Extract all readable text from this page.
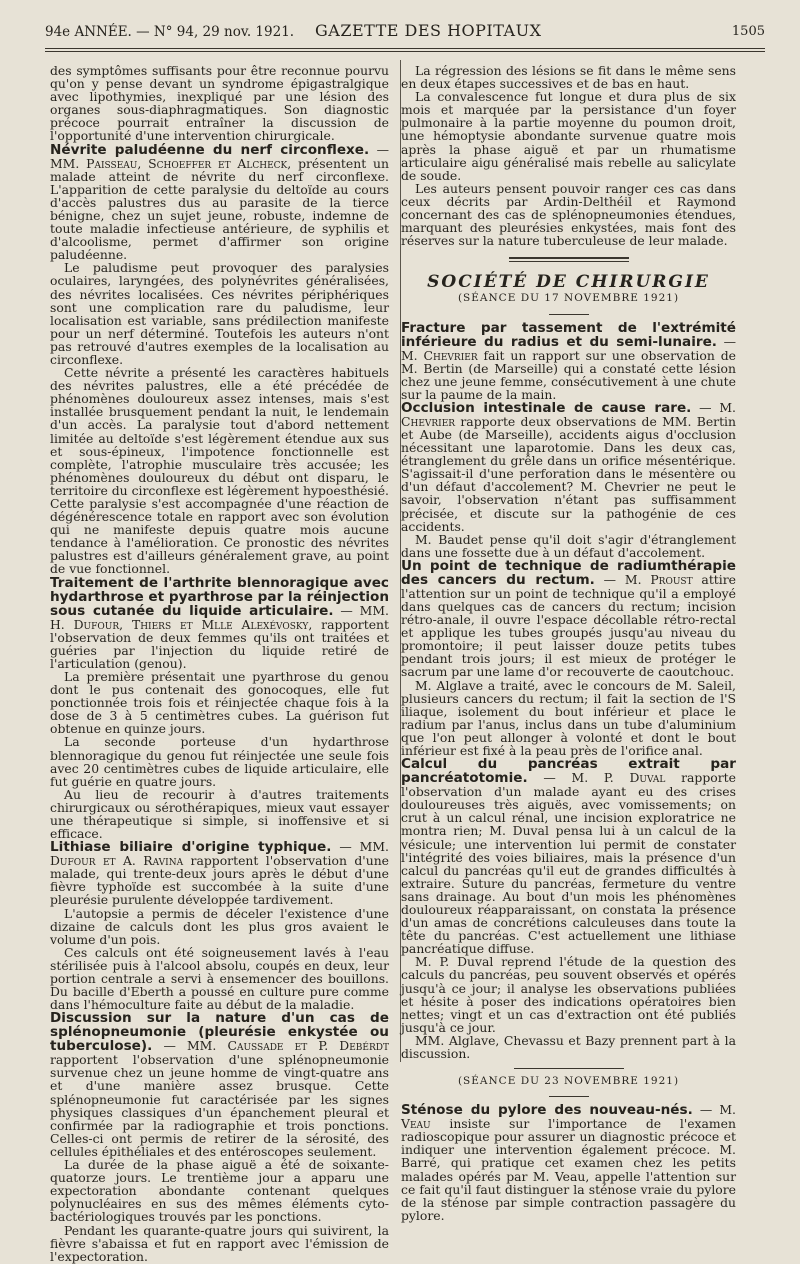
94e ANNÉE. — N° 94, 29 nov. 1921. GAZETTE DES HOPITAUX	1505

des symptômes suffisants pour être reconnue pourvu qu'on y pense devant un syndrome épigastralgique avec lipothymies, inexpliqué par une lésion des organes sous-diaphragmatiques. Son diagnostic précoce pourrait entraîner la discussion de l'opportunité d'une intervention chirurgicale.

Névrite paludéenne du nerf circonflexe. — MM. Paisseau, Schoeffer et Alcheck, présentent un malade atteint de névrite du nerf circonflexe. L'apparition de cette paralysie du deltoïde au cours d'accès palustres dus au parasite de la tierce bénigne, chez un sujet jeune, robuste, indemne de toute maladie infectieuse antérieure, de syphilis et d'alcoolisme, permet d'affirmer son origine paludéenne.

Le paludisme peut provoquer des paralysies oculaires, laryngées, des polynévrites généralisées, des névrites localisées. Ces névrites périphériques sont une complication rare du paludisme, leur localisation est variable, sans prédilection manifeste pour un nerf déterminé. Toutefois les auteurs n'ont pas retrouvé d'autres exemples de la localisation au circonflexe.

Cette névrite a présenté les caractères habituels des névrites palustres, elle a été précédée de phénomènes douloureux assez intenses, mais s'est installée brusquement pendant la nuit, le lendemain d'un accès. La paralysie tout d'abord nettement limitée au deltoïde s'est légèrement étendue aux sus et sous-épineux, l'impotence fonctionnelle est complète, l'atrophie musculaire très accusée; les phénomènes douloureux du début ont disparu, le territoire du circonflexe est légèrement hypoesthésié. Cette paralysie s'est accompagnée d'une réaction de dégénérescence totale en rapport avec son évolution qui ne manifeste depuis quatre mois aucune tendance à l'amélioration. Ce pronostic des névrites palustres est d'ailleurs généralement grave, au point de vue fonctionnel.

Traitement de l'arthrite blennoragique avec hydarthrose et pyarthrose par la réinjection sous cutanée du liquide articulaire. — MM. H. Dufour, Thiers et Mlle Alexévosky, rapportent l'observation de deux femmes qu'ils ont traitées et guéries par l'injection du liquide retiré de l'articulation (genou).

La première présentait une pyarthrose du genou dont le pus contenait des gonocoques, elle fut ponctionnée trois fois et réinjectée chaque fois à la dose de 3 à 5 centimètres cubes. La guérison fut obtenue en quinze jours.

La seconde porteuse d'un hydarthrose blennoragique du genou fut réinjectée une seule fois avec 20 centimètres cubes de liquide articulaire, elle fut guérie en quatre jours.

Au lieu de recourir à d'autres traitements chirurgicaux ou sérothérapiques, mieux vaut essayer une thérapeutique si simple, si inoffensive et si efficace.

Lithiase biliaire d'origine typhique. — MM. Dufour et A. Ravina rapportent l'observation d'une malade, qui trente-deux jours après le début d'une fièvre typhoïde est succombée à la suite d'une pleurésie purulente développée tardivement.

L'autopsie a permis de déceler l'existence d'une dizaine de calculs dont les plus gros avaient le volume d'un pois.

Ces calculs ont été soigneusement lavés à l'eau stérilisée puis à l'alcool absolu, coupés en deux, leur portion centrale a servi à ensemencer des bouillons. Du bacille d'Eberth a poussé en culture pure comme dans l'hémoculture faite au début de la maladie.

Discussion sur la nature d'un cas de splénopneumonie (pleurésie enkystée ou tuberculose). — MM. Caussade et P. Debérdt rapportent l'observation d'une splénopneumonie survenue chez un jeune homme de vingt-quatre ans et d'une manière assez brusque. Cette splénopneumonie fut caractérisée par les signes physiques classiques d'un épanchement pleural et confirmée par la radiographie et trois ponctions. Celles-ci ont permis de retirer de la sérosité, des cellules épithéliales et des entéroscopes seulement.

La durée de la phase aiguë a été de soixante-quatorze jours. Le trentième jour a apparu une expectoration abondante contenant quelques polynucléaires en sus des mêmes éléments cyto-bactériologiques trouvés par les ponctions.

Pendant les quarante-quatre jours qui suivirent, la fièvre s'abaissa et fut en rapport avec l'émission de l'expectoration.

La régression des lésions se fit dans le même sens en deux étapes successives et de bas en haut.

La convalescence fut longue et dura plus de six mois et marquée par la persistance d'un foyer pulmonaire à la partie moyenne du poumon droit, une hémoptysie abondante survenue quatre mois après la phase aiguë et par un rhumatisme articulaire aigu généralisé mais rebelle au salicylate de soude.

Les auteurs pensent pouvoir ranger ces cas dans ceux décrits par Ardin-Delthéil et Raymond concernant des cas de splénopneumonies étendues, marquant des pleurésies enkystées, mais font des réserves sur la nature tuberculeuse de leur malade.

SOCIÉTÉ DE CHIRURGIE
(SÉANCE DU 17 NOVEMBRE 1921)

Fracture par tassement de l'extrémité inférieure du radius et du semi-lunaire. — M. Chevrier fait un rapport sur une observation de M. Bertin (de Marseille) qui a constaté cette lésion chez une jeune femme, consécutivement à une chute sur la paume de la main.

Occlusion intestinale de cause rare. — M. Chevrier rapporte deux observations de MM. Bertin et Aube (de Marseille), accidents aigus d'occlusion nécessitant une laparotomie. Dans les deux cas, étranglement du grêle dans un orifice mésentérique. S'agissait-il d'une perforation dans le mésentère ou d'un défaut d'accolement? M. Chevrier ne peut le savoir, l'observation n'étant pas suffisamment précisée, et discute sur la pathogénie de ces accidents.

M. Baudet pense qu'il doit s'agir d'étranglement dans une fossette due à un défaut d'accolement.

Un point de technique de radiumthérapie des cancers du rectum. — M. Proust attire l'attention sur un point de technique qu'il a employé dans quelques cas de cancers du rectum; incision rétro-anale, il ouvre l'espace décollable rétro-rectal et applique les tubes groupés jusqu'au niveau du promontoire; il peut laisser douze petits tubes pendant trois jours; il est mieux de protéger le sacrum par une lame d'or recouverte de caoutchouc.

M. Alglave a traité, avec le concours de M. Saleil, plusieurs cancers du rectum; il fait la section de l'S iliaque, isolement du bout inférieur et place le radium par l'anus, inclus dans un tube d'aluminium que l'on peut allonger à volonté et dont le bout inférieur est fixé à la peau près de l'orifice anal.

Calcul du pancréas extrait par pancréatotomie. — M. P. Duval rapporte l'observation d'un malade ayant eu des crises douloureuses très aiguës, avec vomissements; on crut à un calcul rénal, une incision exploratrice ne montra rien; M. Duval pensa lui à un calcul de la vésicule; une intervention lui permit de constater l'intégrité des voies biliaires, mais la présence d'un calcul du pancréas qu'il eut de grandes difficultés à extraire. Suture du pancréas, fermeture du ventre sans drainage. Au bout d'un mois les phénomènes douloureux réapparaissant, on constata la présence d'un amas de concrétions calculeuses dans toute la tête du pancréas. C'est actuellement une lithiase pancréatique diffuse.

M. P. Duval reprend l'étude de la question des calculs du pancréas, peu souvent observés et opérés jusqu'à ce jour; il analyse les observations publiées et hésite à poser des indications opératoires bien nettes; vingt et un cas d'extraction ont été publiés jusqu'à ce jour.

MM. Alglave, Chevassu et Bazy prennent part à la discussion.

(SÉANCE DU 23 NOVEMBRE 1921)

Sténose du pylore des nouveau-nés. — M. Veau insiste sur l'importance de l'examen radioscopique pour assurer un diagnostic précoce et indiquer une intervention également précoce. M. Barré, qui pratique cet examen chez les petits malades opérés par M. Veau, appelle l'attention sur ce fait qu'il faut distinguer la sténose vraie du pylore de la sténose par simple contraction passagère du pylore.
